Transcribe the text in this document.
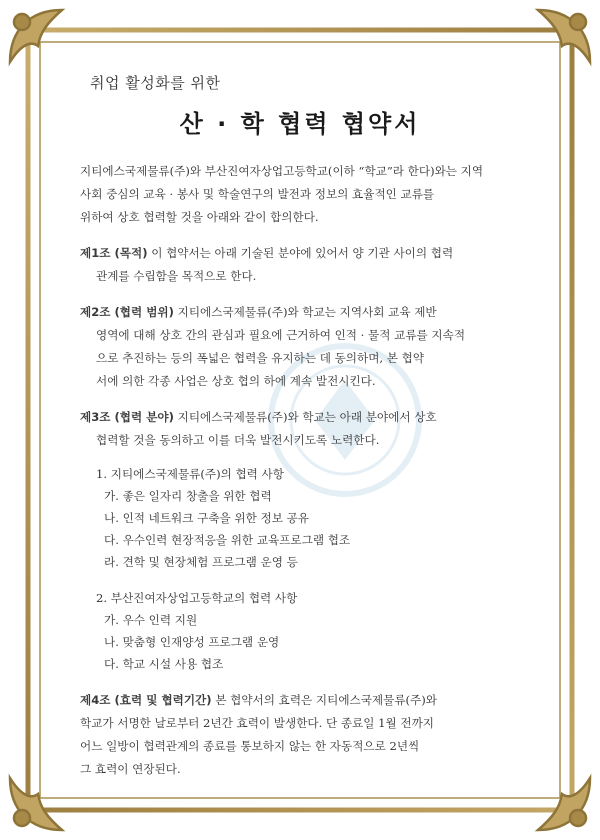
취업 활성화를 위한
산 · 학 협력 협약서
지티에스국제물류(주)와 부산진여자상업고등학교(이하 “학교”라 한다)와는 지역
사회 중심의 교육 · 봉사 및 학술연구의 발전과 정보의 효율적인 교류를
위하여 상호 협력할 것을 아래와 같이 합의한다.
제1조 (목적) 이 협약서는 아래 기술된 분야에 있어서 양 기관 사이의 협력
관계를 수립함을 목적으로 한다.
제2조 (협력 범위) 지티에스국제물류(주)와 학교는 지역사회 교육 제반
영역에 대해 상호 간의 관심과 필요에 근거하여 인적 · 물적 교류를 지속적
으로 추진하는 등의 폭넓은 협력을 유지하는 데 동의하며, 본 협약
서에 의한 각종 사업은 상호 협의 하에 계속 발전시킨다.
제3조 (협력 분야) 지티에스국제물류(주)와 학교는 아래 분야에서 상호
협력할 것을 동의하고 이를 더욱 발전시키도록 노력한다.
1. 지티에스국제물류(주)의 협력 사항
가. 좋은 일자리 창출을 위한 협력
나. 인적 네트워크 구축을 위한 정보 공유
다. 우수인력 현장적응을 위한 교육프로그램 협조
라. 견학 및 현장체험 프로그램 운영 등
2. 부산진여자상업고등학교의 협력 사항
가. 우수 인력 지원
나. 맞춤형 인재양성 프로그램 운영
다. 학교 시설 사용 협조
제4조 (효력 및 협력기간) 본 협약서의 효력은 지티에스국제물류(주)와
학교가 서명한 날로부터 2년간 효력이 발생한다. 단 종료일 1월 전까지
어느 일방이 협력관계의 종료를 통보하지 않는 한 자동적으로 2년씩
그 효력이 연장된다.
